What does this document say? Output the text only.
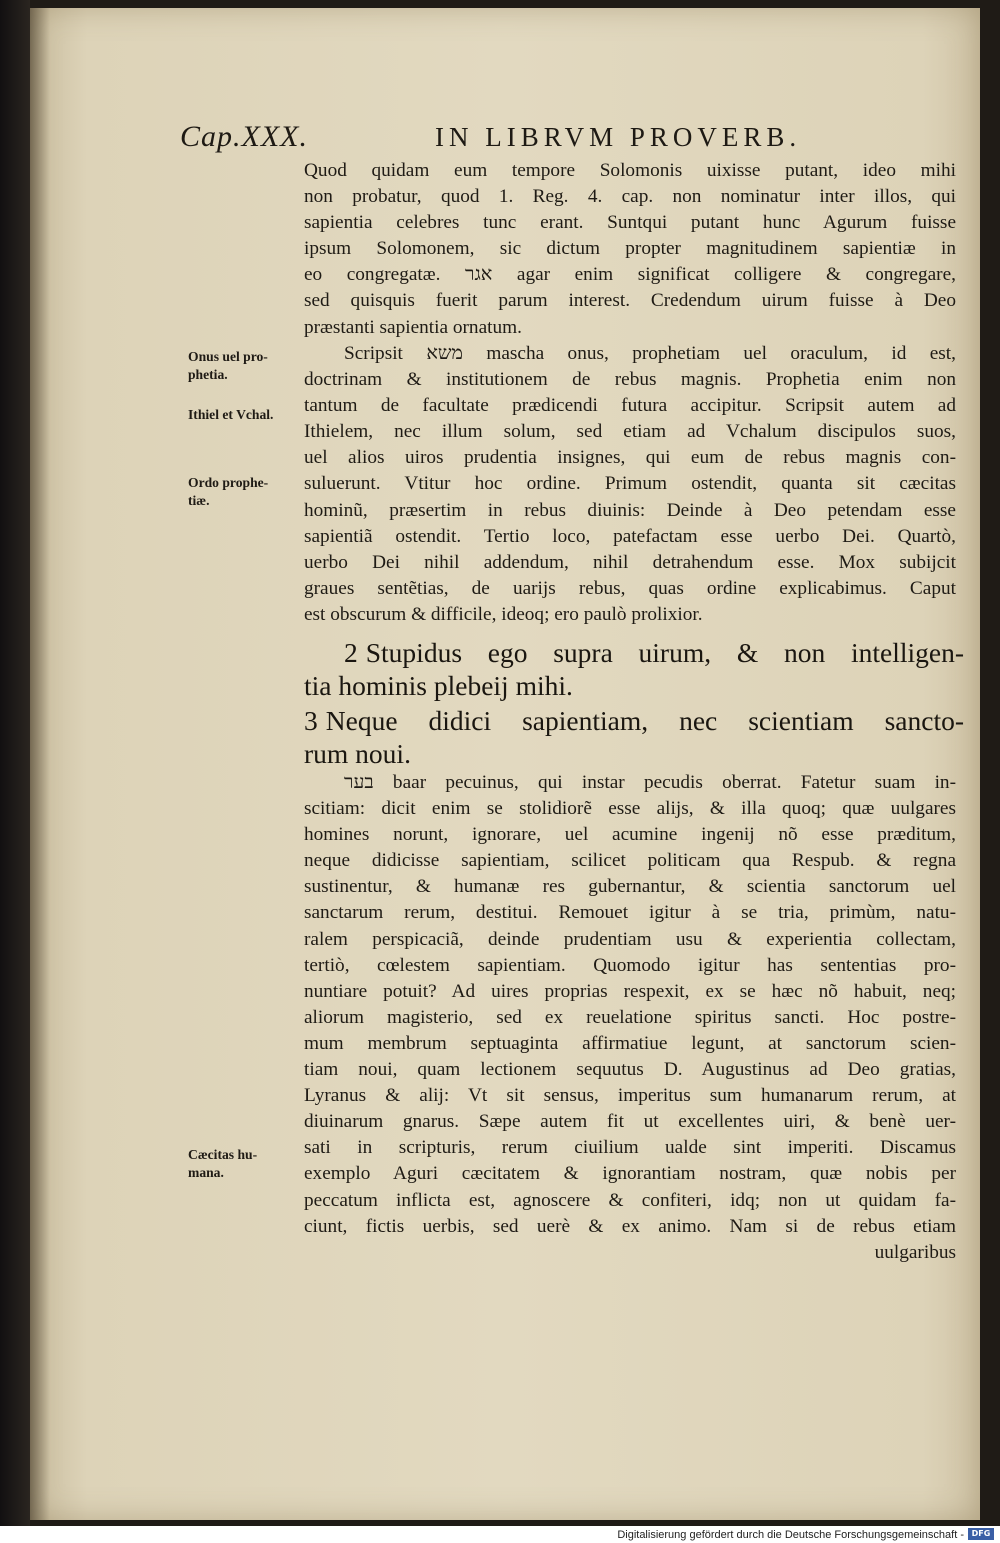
Cap.XXX.	IN LIBRVM PROVERB.
Quod quidam eum tempore Solomonis uixisse putant, ideo mihi
non probatur, quod 1. Reg. 4. cap. non nominatur inter illos, qui
sapientia celebres tunc erant. Suntqui putant hunc Agurum fuisse
ipsum Solomonem, sic dictum propter magnitudinem sapientiæ in
eo congregatæ. אגר agar enim significat colligere & congregare,
sed quisquis fuerit parum interest. Credendum uirum fuisse à Deo
præstanti sapientia ornatum.
Scripsit משא mascha onus, prophetiam uel oraculum, id est,
doctrinam & institutionem de rebus magnis. Prophetia enim non
tantum de facultate prædicendi futura accipitur. Scripsit autem ad
Ithielem, nec illum solum, sed etiam ad Vchalum discipulos suos,
uel alios uiros prudentia insignes, qui eum de rebus magnis con-
suluerunt. Vtitur hoc ordine. Primum ostendit, quanta sit cæcitas
hominũ, præsertim in rebus diuinis: Deinde à Deo petendam esse
sapientiã ostendit. Tertio loco, patefactam esse uerbo Dei. Quartò,
uerbo Dei nihil addendum, nihil detrahendum esse. Mox subijcit
graues sentẽtias, de uarijs rebus, quas ordine explicabimus. Caput
est obscurum & difficile, ideoq; ero paulò prolixior.
2 Stupidus ego supra uirum, & non intelligen-
tia hominis plebeij mihi.
3 Neque didici sapientiam, nec scientiam sancto-
rum noui.
בער baar pecuinus, qui instar pecudis oberrat. Fatetur suam in-
scitiam: dicit enim se stolidiorẽ esse alijs, & illa quoq; quæ uulgares
homines norunt, ignorare, uel acumine ingenij nõ esse præditum,
neque didicisse sapientiam, scilicet politicam qua Respub. & regna
sustinentur, & humanæ res gubernantur, & scientia sanctorum uel
sanctarum rerum, destitui. Remouet igitur à se tria, primùm, natu-
ralem perspicaciã, deinde prudentiam usu & experientia collectam,
tertiò, cœlestem sapientiam. Quomodo igitur has sententias pro-
nuntiare potuit? Ad uires proprias respexit, ex se hæc nõ habuit, neq;
aliorum magisterio, sed ex reuelatione spiritus sancti. Hoc postre-
mum membrum septuaginta affirmatiue legunt, at sanctorum scien-
tiam noui, quam lectionem sequutus D. Augustinus ad Deo gratias,
Lyranus & alij: Vt sit sensus, imperitus sum humanarum rerum, at
diuinarum gnarus. Sæpe autem fit ut excellentes uiri, & benè uer-
sati in scripturis, rerum ciuilium ualde sint imperiti. Discamus
exemplo Aguri cæcitatem & ignorantiam nostram, quæ nobis per
peccatum inflicta est, agnoscere & confiteri, idq; non ut quidam fa-
ciunt, fictis uerbis, sed uerè & ex animo. Nam si de rebus etiam
uulgaribus
Onus uel pro-
phetia.
Ithiel et Vchal.
Ordo prophe-
tiæ.
Cæcitas hu-
mana.
Digitalisierung gefördert durch die Deutsche Forschungsgemeinschaft - DFG
